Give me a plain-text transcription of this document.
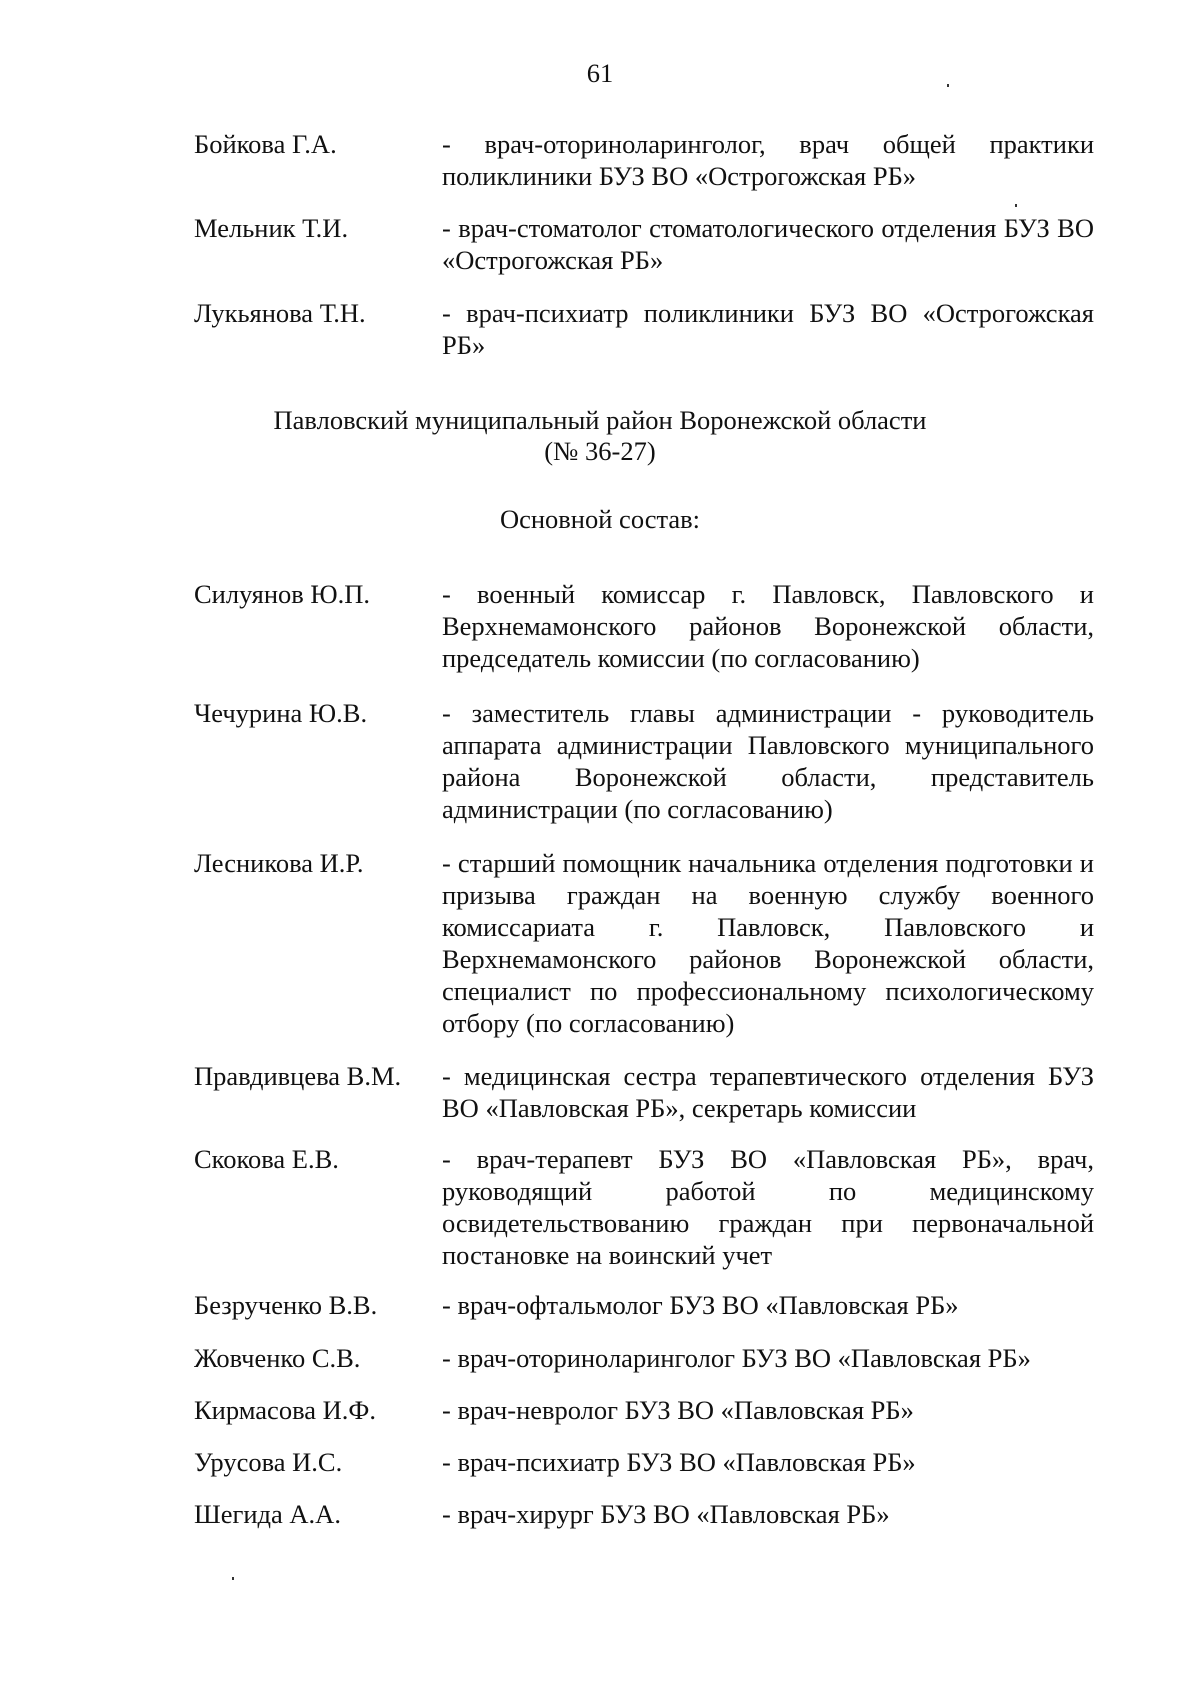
61
Бойкова Г.А.	- врач-оториноларинголог, врач общей практики поликлиники БУЗ ВО «Острогожская РБ»
Мельник Т.И.	- врач-стоматолог стоматологического отделения БУЗ ВО «Острогожская РБ»
Лукьянова Т.Н.	- врач-психиатр поликлиники БУЗ ВО «Острогожская РБ»
Павловский муниципальный район Воронежской области
(№ 36-27)
Основной состав:
Силуянов Ю.П.	- военный комиссар г. Павловск, Павловского и Верхнемамонского районов Воронежской области, председатель комиссии (по согласованию)
Чечурина Ю.В.	- заместитель главы администрации - руководитель аппарата администрации Павловского муниципального района Воронежской области, представитель администрации (по согласованию)
Лесникова И.Р.	- старший помощник начальника отделения подготовки и призыва граждан на военную службу военного комиссариата г. Павловск, Павловского и Верхнемамонского районов Воронежской области, специалист по профессиональному психологическому отбору (по согласованию)
Правдивцева В.М.	- медицинская сестра терапевтического отделения БУЗ ВО «Павловская РБ», секретарь комиссии
Скокова Е.В.	- врач-терапевт БУЗ ВО «Павловская РБ», врач, руководящий работой по медицинскому освидетельствованию граждан при первоначальной постановке на воинский учет
Безрученко В.В.	- врач-офтальмолог БУЗ ВО «Павловская РБ»
Жовченко С.В.	- врач-оториноларинголог БУЗ ВО «Павловская РБ»
Кирмасова И.Ф.	- врач-невролог БУЗ ВО «Павловская РБ»
Урусова И.С.	- врач-психиатр БУЗ ВО «Павловская РБ»
Шегида А.А.	- врач-хирург БУЗ ВО «Павловская РБ»
